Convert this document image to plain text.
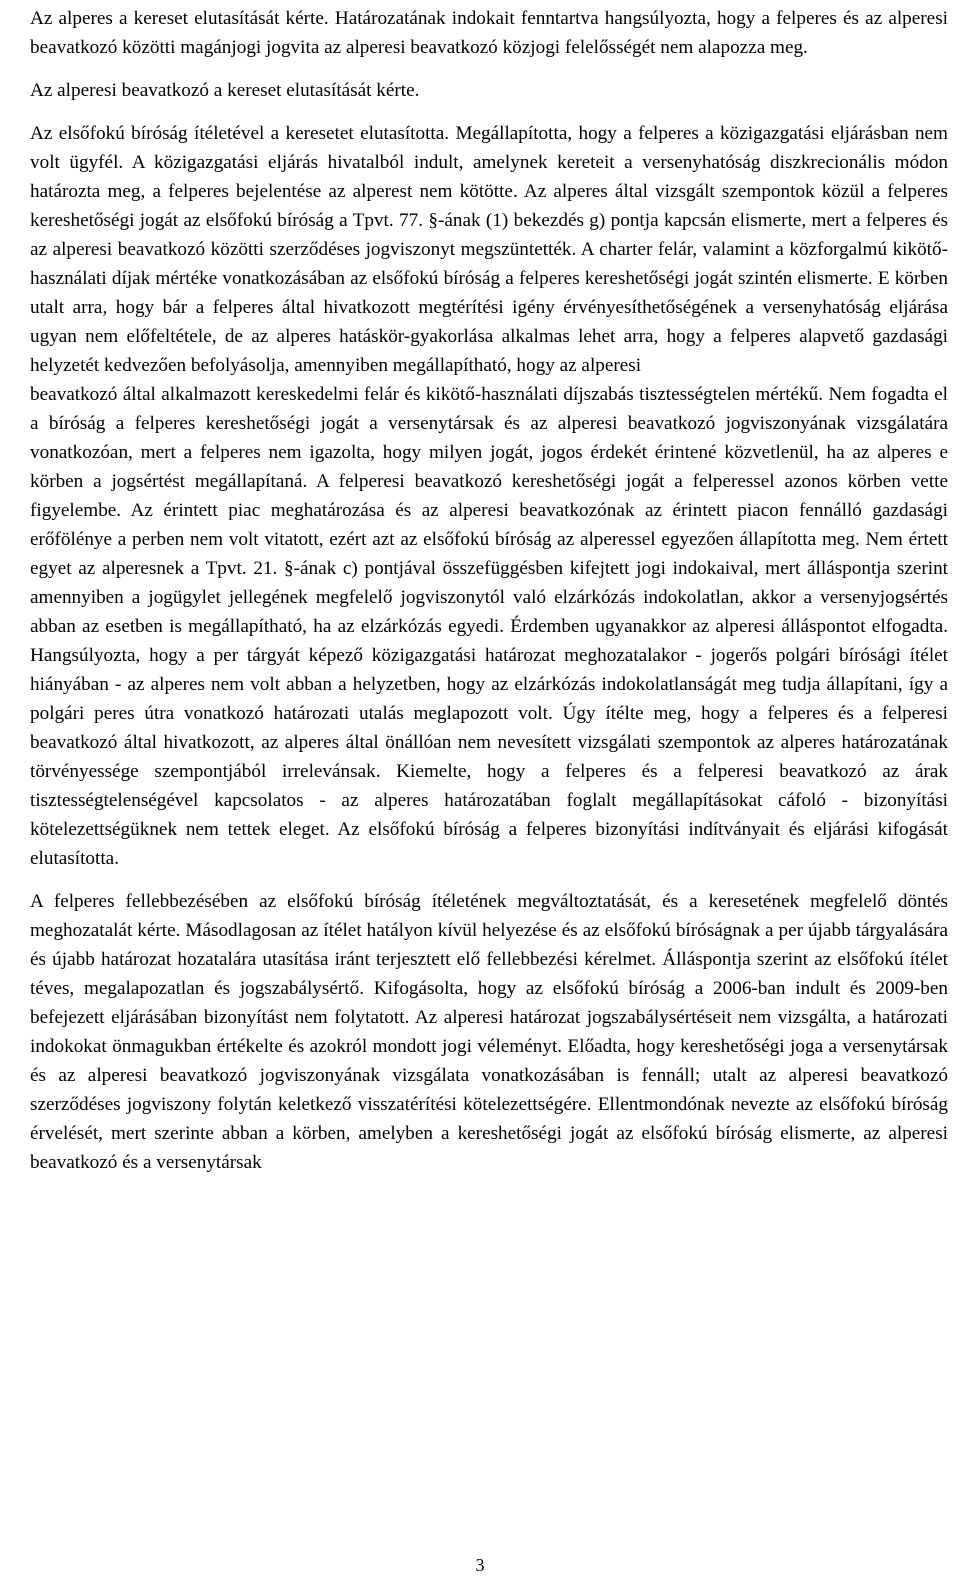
Az alperes a kereset elutasítását kérte. Határozatának indokait fenntartva hangsúlyozta, hogy a felperes és az alperesi beavatkozó közötti magánjogi jogvita az alperesi beavatkozó közjogi felelősségét nem alapozza meg.

Az alperesi beavatkozó a kereset elutasítását kérte.

Az elsőfokú bíróság ítéletével a keresetet elutasította. Megállapította, hogy a felperes a közigazgatási eljárásban nem volt ügyfél. A közigazgatási eljárás hivatalból indult, amelynek kereteit a versenyhatóság diszkrecionális módon határozta meg, a felperes bejelentése az alperest nem kötötte. Az alperes által vizsgált szempontok közül a felperes kereshetőségi jogát az elsőfokú bíróság a Tpvt. 77. §-ának (1) bekezdés g) pontja kapcsán elismerte, mert a felperes és az alperesi beavatkozó közötti szerződéses jogviszonyt megszüntették. A charter felár, valamint a közforgalmú kikötő-használati díjak mértéke vonatkozásában az elsőfokú bíróság a felperes kereshetőségi jogát szintén elismerte. E körben utalt arra, hogy bár a felperes által hivatkozott megtérítési igény érvényesíthetőségének a versenyhatóság eljárása ugyan nem előfeltétele, de az alperes hatáskör-gyakorlása alkalmas lehet arra, hogy a felperes alapvető gazdasági helyzetét kedvezően befolyásolja, amennyiben megállapítható, hogy az alperesi

beavatkozó által alkalmazott kereskedelmi felár és kikötő-használati díjszabás tisztességtelen mértékű. Nem fogadta el a bíróság a felperes kereshetőségi jogát a versenytársak és az alperesi beavatkozó jogviszonyának vizsgálatára vonatkozóan, mert a felperes nem igazolta, hogy milyen jogát, jogos érdekét érintené közvetlenül, ha az alperes e körben a jogsértést megállapítaná. A felperesi beavatkozó kereshetőségi jogát a felperessel azonos körben vette figyelembe. Az érintett piac meghatározása és az alperesi beavatkozónak az érintett piacon fennálló gazdasági erőfölénye a perben nem volt vitatott, ezért azt az elsőfokú bíróság az alperessel egyezően állapította meg. Nem értett egyet az alperesnek a Tpvt. 21. §-ának c) pontjával összefüggésben kifejtett jogi indokaival, mert álláspontja szerint amennyiben a jogügylet jellegének megfelelő jogviszonytól való elzárkózás indokolatlan, akkor a versenyjogsértés abban az esetben is megállapítható, ha az elzárkózás egyedi. Érdemben ugyanakkor az alperesi álláspontot elfogadta. Hangsúlyozta, hogy a per tárgyát képező közigazgatási határozat meghozatalakor - jogerős polgári bírósági ítélet hiányában - az alperes nem volt abban a helyzetben, hogy az elzárkózás indokolatlanságát meg tudja állapítani, így a polgári peres útra vonatkozó határozati utalás meglapozott volt. Úgy ítélte meg, hogy a felperes és a felperesi beavatkozó által hivatkozott, az alperes által önállóan nem nevesített vizsgálati szempontok az alperes határozatának törvényessége szempontjából irrelevánsak. Kiemelte, hogy a felperes és a felperesi beavatkozó az árak tisztességtelenségével kapcsolatos - az alperes határozatában foglalt megállapításokat cáfoló - bizonyítási kötelezettségüknek nem tettek eleget. Az elsőfokú bíróság a felperes bizonyítási indítványait és eljárási kifogását elutasította.

A felperes fellebbezésében az elsőfokú bíróság ítéletének megváltoztatását, és a keresetének megfelelő döntés meghozatalát kérte. Másodlagosan az ítélet hatályon kívül helyezése és az elsőfokú bíróságnak a per újabb tárgyalására és újabb határozat hozatalára utasítása iránt terjesztett elő fellebbezési kérelmet. Álláspontja szerint az elsőfokú ítélet téves, megalapozatlan és jogszabálysértő. Kifogásolta, hogy az elsőfokú bíróság a 2006-ban indult és 2009-ben befejezett eljárásában bizonyítást nem folytatott. Az alperesi határozat jogszabálysértéseit nem vizsgálta, a határozati indokokat önmagukban értékelte és azokról mondott jogi véleményt. Előadta, hogy kereshetőségi joga a versenytársak és az alperesi beavatkozó jogviszonyának vizsgálata vonatkozásában is fennáll; utalt az alperesi beavatkozó szerződéses jogviszony folytán keletkező visszatérítési kötelezettségére. Ellentmondónak nevezte az elsőfokú bíróság érvelését, mert szerinte abban a körben, amelyben a kereshetőségi jogát az elsőfokú bíróság elismerte, az alperesi beavatkozó és a versenytársak

3
